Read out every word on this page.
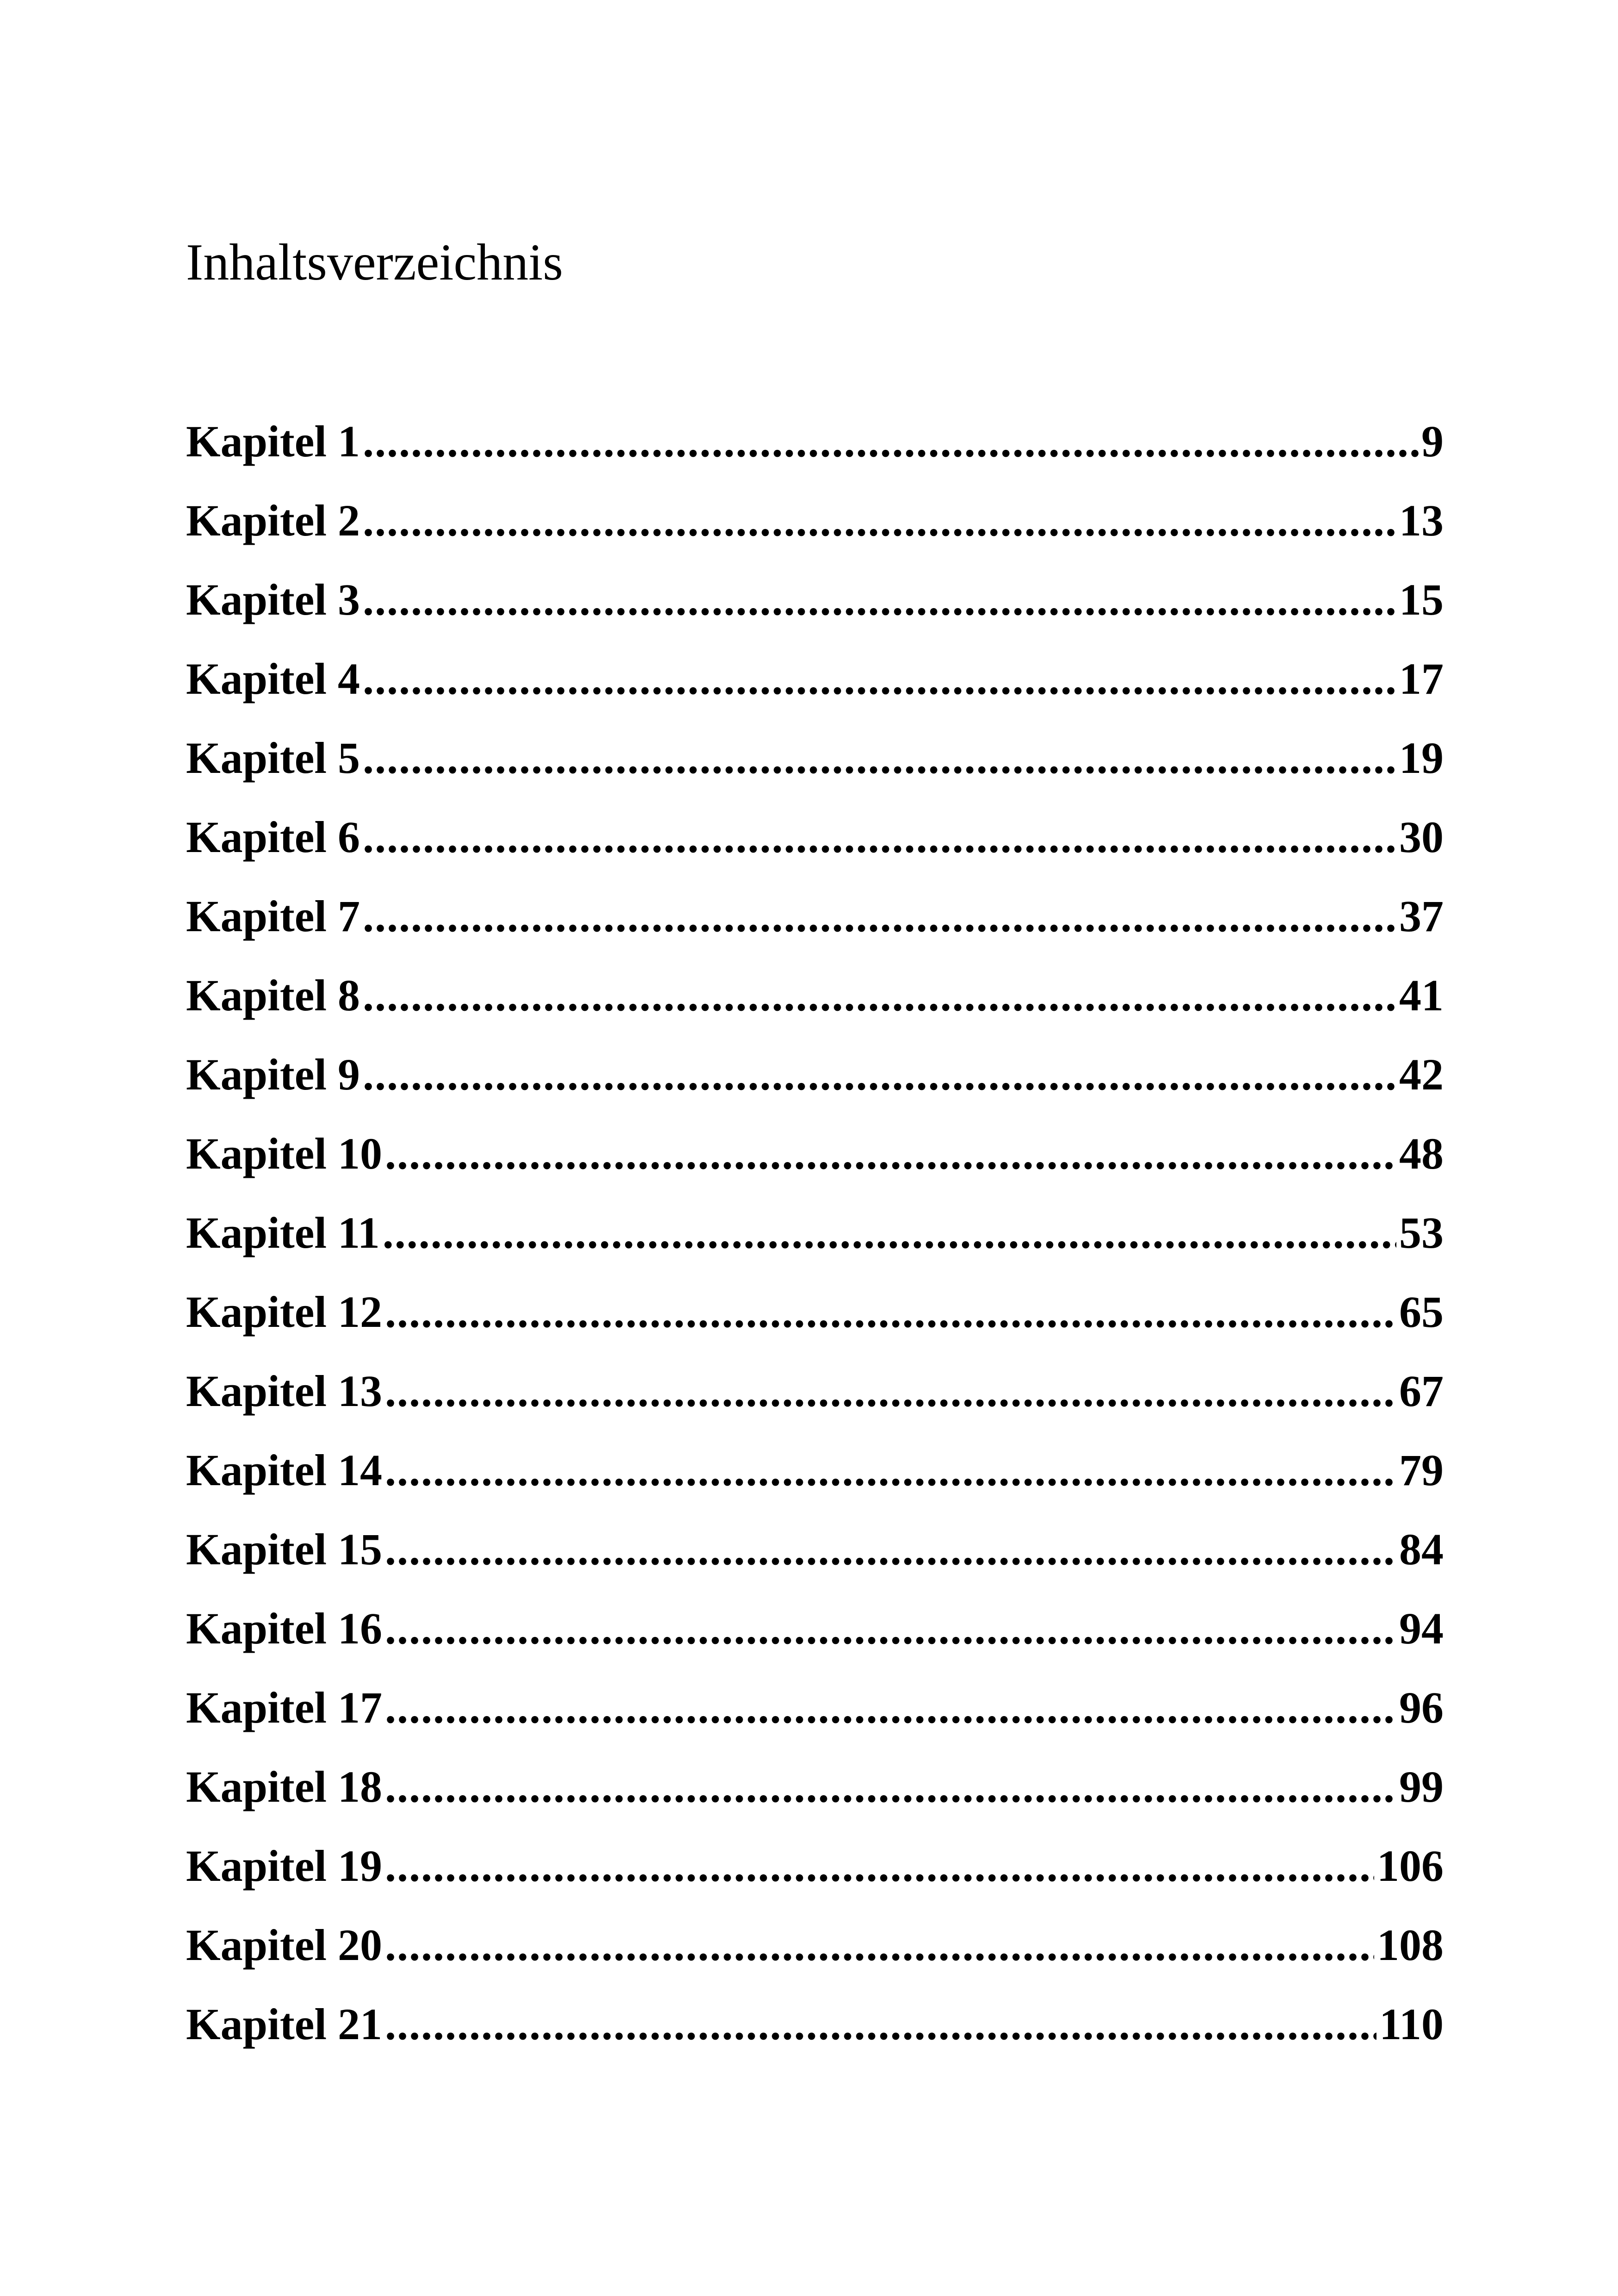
Inhaltsverzeichnis
Kapitel 1 .....	9
Kapitel 2 .....	13
Kapitel 3 .....	15
Kapitel 4 .....	17
Kapitel 5 .....	19
Kapitel 6 .....	30
Kapitel 7 .....	37
Kapitel 8 .....	41
Kapitel 9 .....	42
Kapitel 10 .....	48
Kapitel 11 .....	53
Kapitel 12 .....	65
Kapitel 13 .....	67
Kapitel 14 .....	79
Kapitel 15 .....	84
Kapitel 16 .....	94
Kapitel 17 .....	96
Kapitel 18 .....	99
Kapitel 19 .....	106
Kapitel 20 .....	108
Kapitel 21 .....	110
